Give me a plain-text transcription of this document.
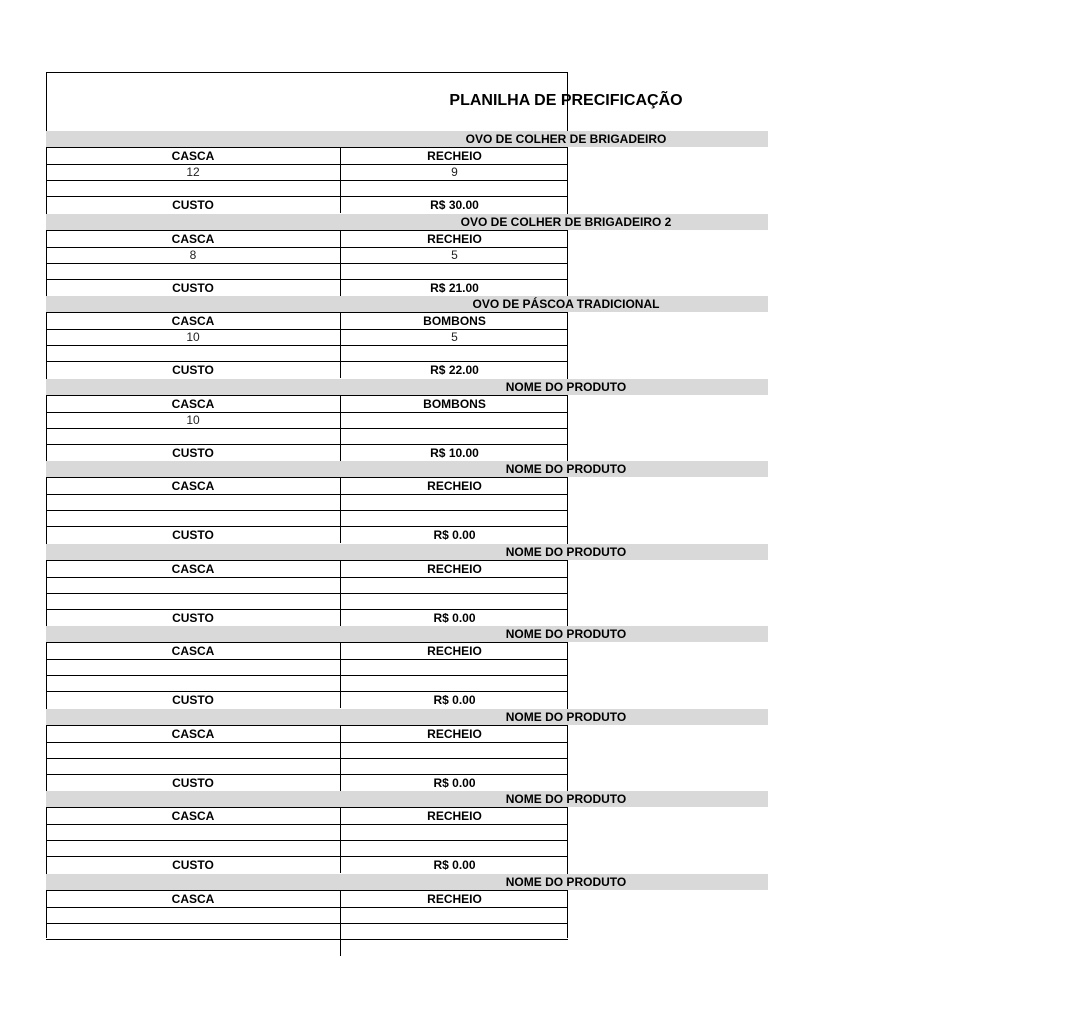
PLANILHA DE PRECIFICAÇÃO
OVO DE COLHER DE BRIGADEIRO
CASCA	RECHEIO
12	9
CUSTO	R$ 30.00
OVO DE COLHER DE BRIGADEIRO 2
CASCA	RECHEIO
8	5
CUSTO	R$ 21.00
OVO DE PÁSCOA TRADICIONAL
CASCA	BOMBONS
10	5
CUSTO	R$ 22.00
NOME DO PRODUTO
CASCA	BOMBONS
10
CUSTO	R$ 10.00
NOME DO PRODUTO
CASCA	RECHEIO
CUSTO	R$ 0.00
NOME DO PRODUTO
CASCA	RECHEIO
CUSTO	R$ 0.00
NOME DO PRODUTO
CASCA	RECHEIO
CUSTO	R$ 0.00
NOME DO PRODUTO
CASCA	RECHEIO
CUSTO	R$ 0.00
NOME DO PRODUTO
CASCA	RECHEIO
CUSTO	R$ 0.00
NOME DO PRODUTO
CASCA	RECHEIO
